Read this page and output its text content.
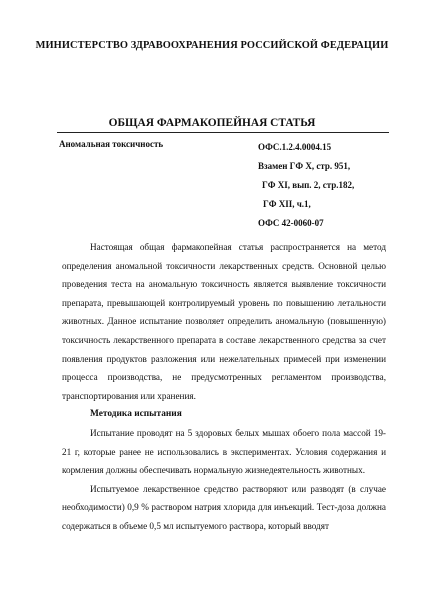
МИНИСТЕРСТВО ЗДРАВООХРАНЕНИЯ РОССИЙСКОЙ ФЕДЕРАЦИИ
ОБЩАЯ ФАРМАКОПЕЙНАЯ СТАТЬЯ
Аномальная токсичность	ОФС.1.2.4.0004.15
Взамен ГФ X, стр. 951,
ГФ XI, вып. 2, стр.182,
ГФ XII, ч.1,
ОФС 42-0060-07

Настоящая общая фармакопейная статья распространяется на метод определения аномальной токсичности лекарственных средств. Основной целью проведения теста на аномальную токсичность является выявление токсичности препарата, превышающей контролируемый уровень по повышению летальности животных. Данное испытание позволяет определить аномальную (повышенную) токсичность лекарственного препарата в составе лекарственного средства за счет появления продуктов разложения или нежелательных примесей при изменении процесса производства, не предусмотренных регламентом производства, транспортирования или хранения.

Методика испытания

Испытание проводят на 5 здоровых белых мышах обоего пола массой 19-21 г, которые ранее не использовались в экспериментах. Условия содержания и кормления должны обеспечивать нормальную жизнедеятельность животных.

Испытуемое лекарственное средство растворяют или разводят (в случае необходимости) 0,9 % раствором натрия хлорида для инъекций. Тест-доза должна содержаться в объеме 0,5 мл испытуемого раствора, который вводят
